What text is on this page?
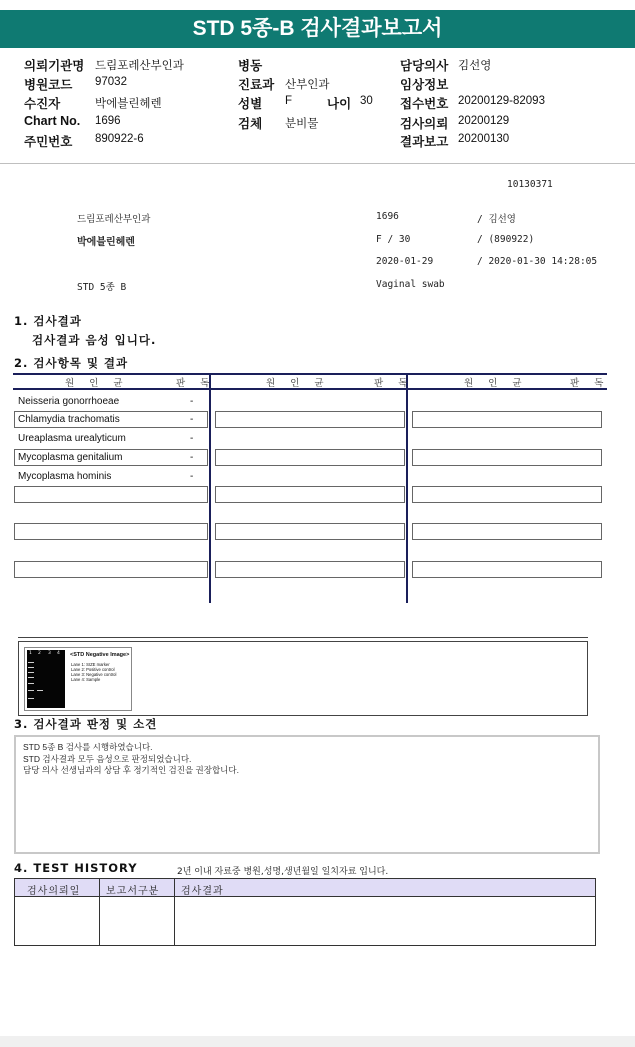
STD 5종-B 검사결과보고서
의뢰기관명 드림포레산부인과
병원코드 97032
수진자	박에블린헤렌
Chart No. 1696
주민번호 890922-6
병동
진료과 산부인과
성별 F	나이 30
검체 분비물
담당의사 김선영
임상정보
접수번호 20200129-82093
검사의뢰 20200129
결과보고 20200130
10130371
드림포레산부인과	1696	/ 김선영
박에블린헤렌	F / 30	/ (890922)
2020-01-29	/ 2020-01-30 14:28:05
STD 5종 B	Vaginal swab
1. 검사결과
검사결과 음성 입니다.
2. 검사항목 및 결과
원 인 균	판 독	원 인 균	판 독	원 인 균	판 독
Neisseria gonorrhoeae	-
Ureaplasma urealyticum	-
Mycoplasma hominis	-
Chlamydia trachomatis	-
Mycoplasma genitalium	-
1 2 3 4 <STD Negative Image>
Lane 1: SIZE marker
Lane 2: Positive control
Lane 3: Negative control
Lane 4: Sample
3. 검사결과 판정 및 소견
STD 5종 B 검사를 시행하였습니다.
STD 검사결과 모두 음성으로 판정되었습니다.
담당 의사 선생님과의 상담 후 정기적인 검진을 권장합니다.
4. TEST HISTORY	2년 이내 자료중 병원,성명,생년월일 일치자료 입니다.
검사의뢰일	보고서구분 검사결과
